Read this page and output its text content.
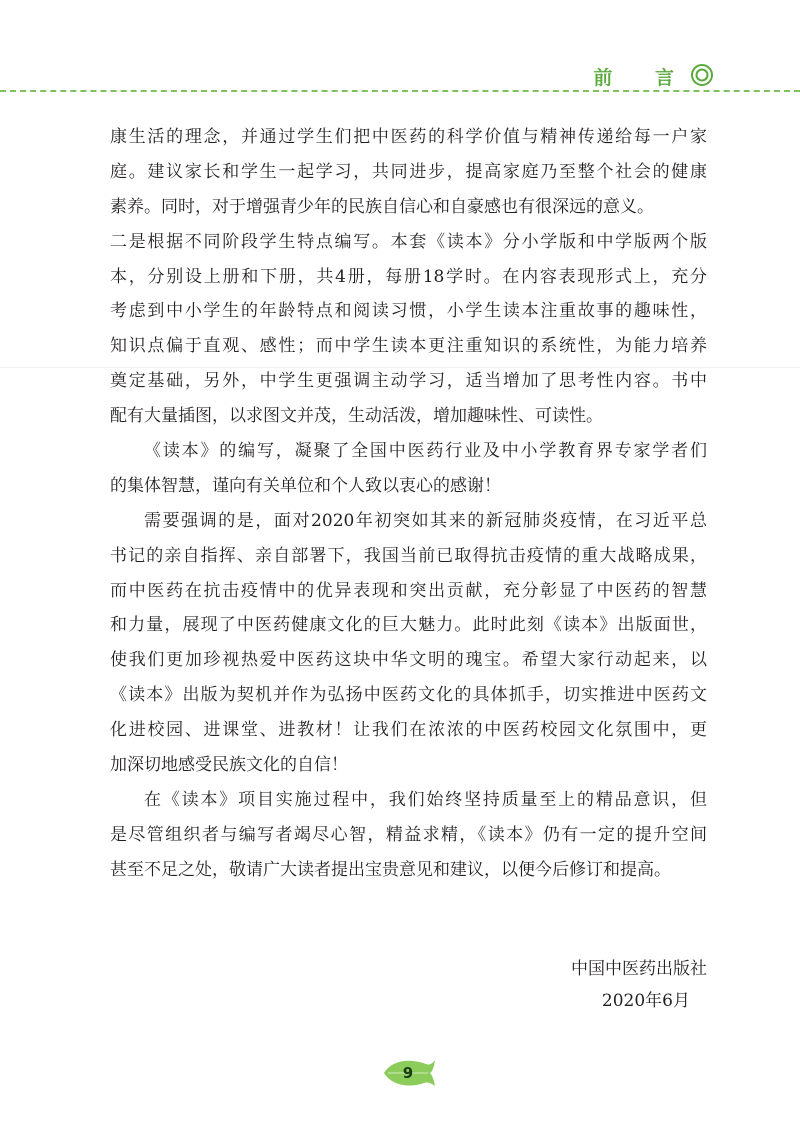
前 言
康生活的理念，并通过学生们把中医药的科学价值与精神传递给每一户家
庭。建议家长和学生一起学习，共同进步，提高家庭乃至整个社会的健康
素养。同时，对于增强青少年的民族自信心和自豪感也有很深远的意义。
二是根据不同阶段学生特点编写。本套《读本》分小学版和中学版两个版
本，分别设上册和下册，共4册，每册18学时。在内容表现形式上，充分
考虑到中小学生的年龄特点和阅读习惯，小学生读本注重故事的趣味性，
知识点偏于直观、感性；而中学生读本更注重知识的系统性，为能力培养
奠定基础，另外，中学生更强调主动学习，适当增加了思考性内容。书中
配有大量插图，以求图文并茂，生动活泼，增加趣味性、可读性。
《读本》的编写，凝聚了全国中医药行业及中小学教育界专家学者们
的集体智慧，谨向有关单位和个人致以衷心的感谢！
需要强调的是，面对2020年初突如其来的新冠肺炎疫情，在习近平总
书记的亲自指挥、亲自部署下，我国当前已取得抗击疫情的重大战略成果，
而中医药在抗击疫情中的优异表现和突出贡献，充分彰显了中医药的智慧
和力量，展现了中医药健康文化的巨大魅力。此时此刻《读本》出版面世，
使我们更加珍视热爱中医药这块中华文明的瑰宝。希望大家行动起来，以
《读本》出版为契机并作为弘扬中医药文化的具体抓手，切实推进中医药文
化进校园、进课堂、进教材！让我们在浓浓的中医药校园文化氛围中，更
加深切地感受民族文化的自信！
在《读本》项目实施过程中，我们始终坚持质量至上的精品意识，但
是尽管组织者与编写者竭尽心智，精益求精，《读本》仍有一定的提升空间
甚至不足之处，敬请广大读者提出宝贵意见和建议，以便今后修订和提高。
中国中医药出版社
2020年6月
9
